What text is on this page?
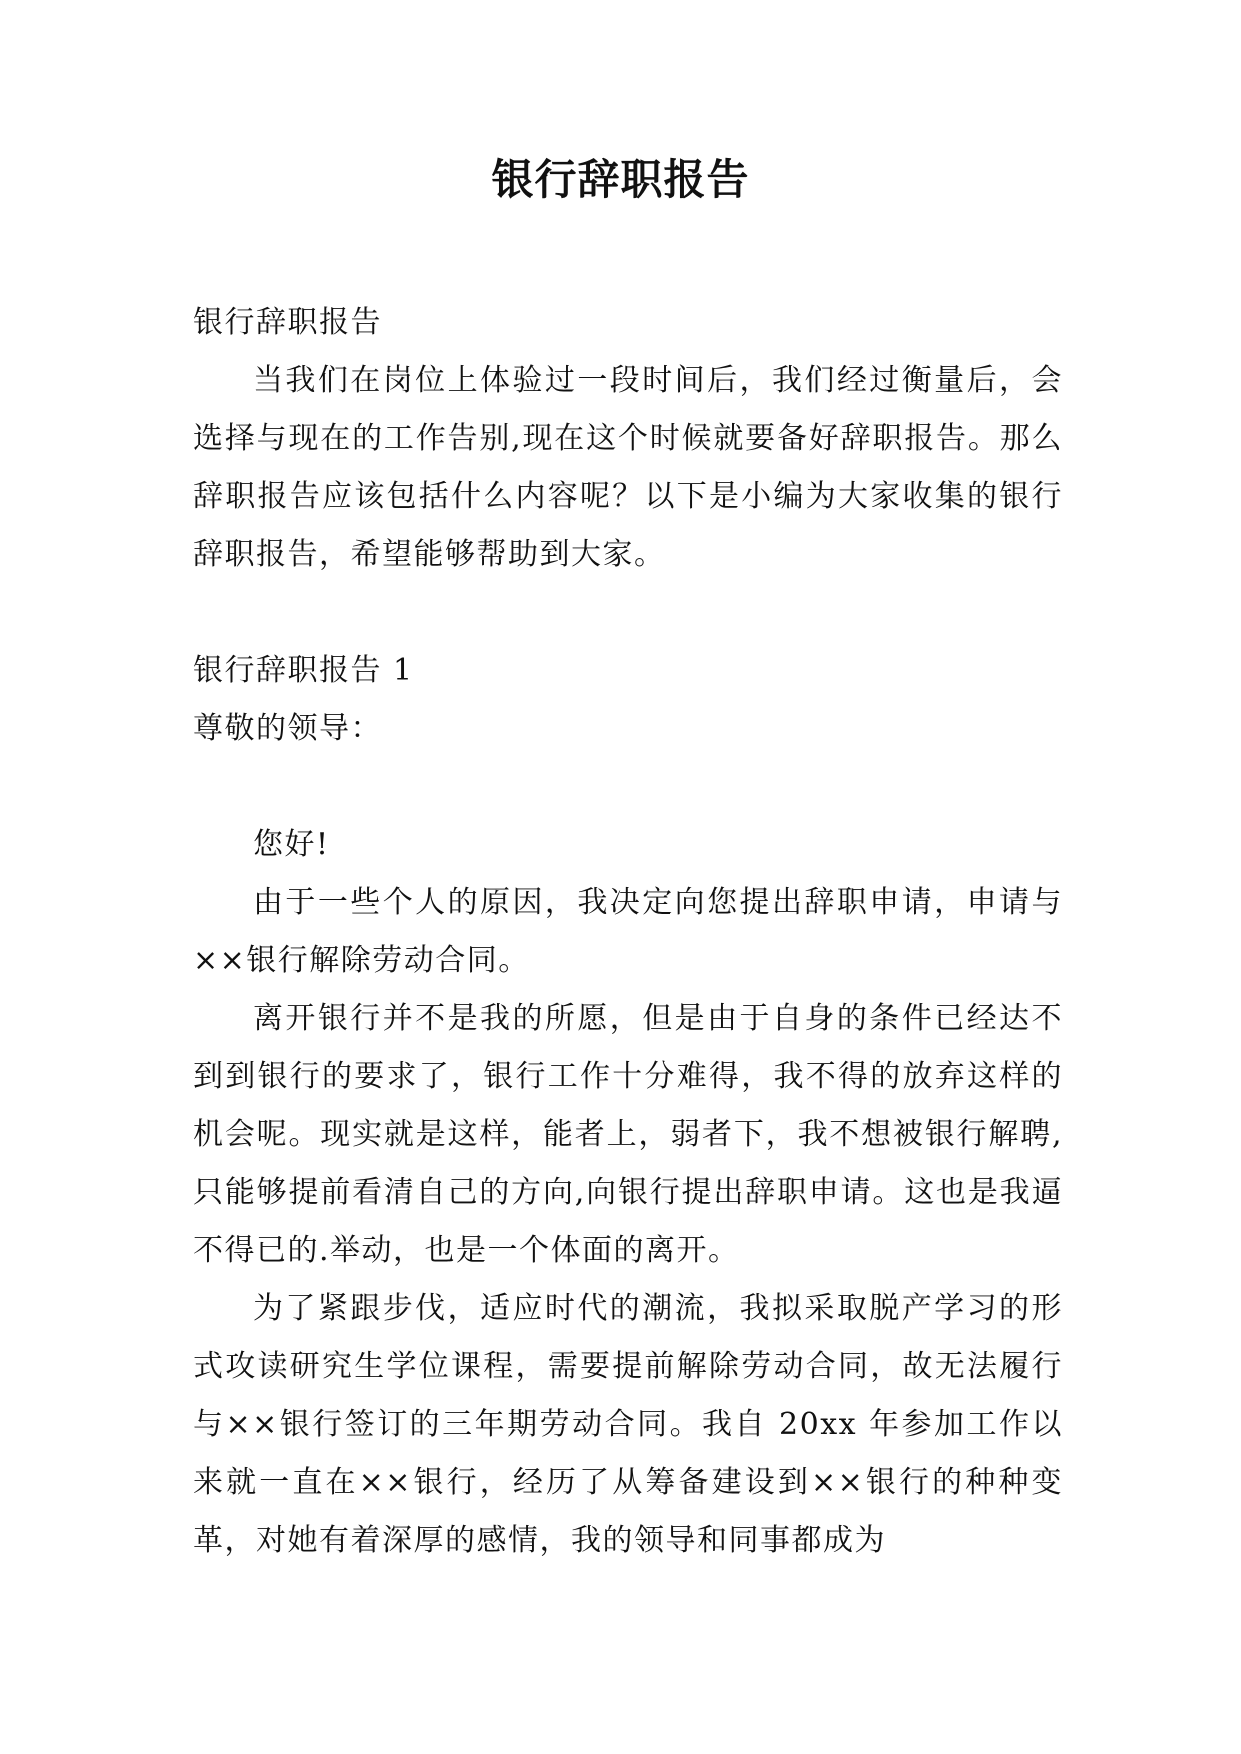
银行辞职报告

银行辞职报告

当我们在岗位上体验过一段时间后，我们经过衡量后，会选择与现在的工作告别,现在这个时候就要备好辞职报告。那么辞职报告应该包括什么内容呢？以下是小编为大家收集的银行辞职报告，希望能够帮助到大家。

银行辞职报告 1

尊敬的领导：

您好!

由于一些个人的原因，我决定向您提出辞职申请，申请与××银行解除劳动合同。

离开银行并不是我的所愿，但是由于自身的条件已经达不到到银行的要求了，银行工作十分难得，我不得的放弃这样的机会呢。现实就是这样，能者上，弱者下，我不想被银行解聘,只能够提前看清自己的方向,向银行提出辞职申请。这也是我逼不得已的.举动，也是一个体面的离开。

为了紧跟步伐，适应时代的潮流，我拟采取脱产学习的形式攻读研究生学位课程，需要提前解除劳动合同，故无法履行与××银行签订的三年期劳动合同。我自 20xx 年参加工作以来就一直在××银行，经历了从筹备建设到××银行的种种变革，对她有着深厚的感情，我的领导和同事都成为
